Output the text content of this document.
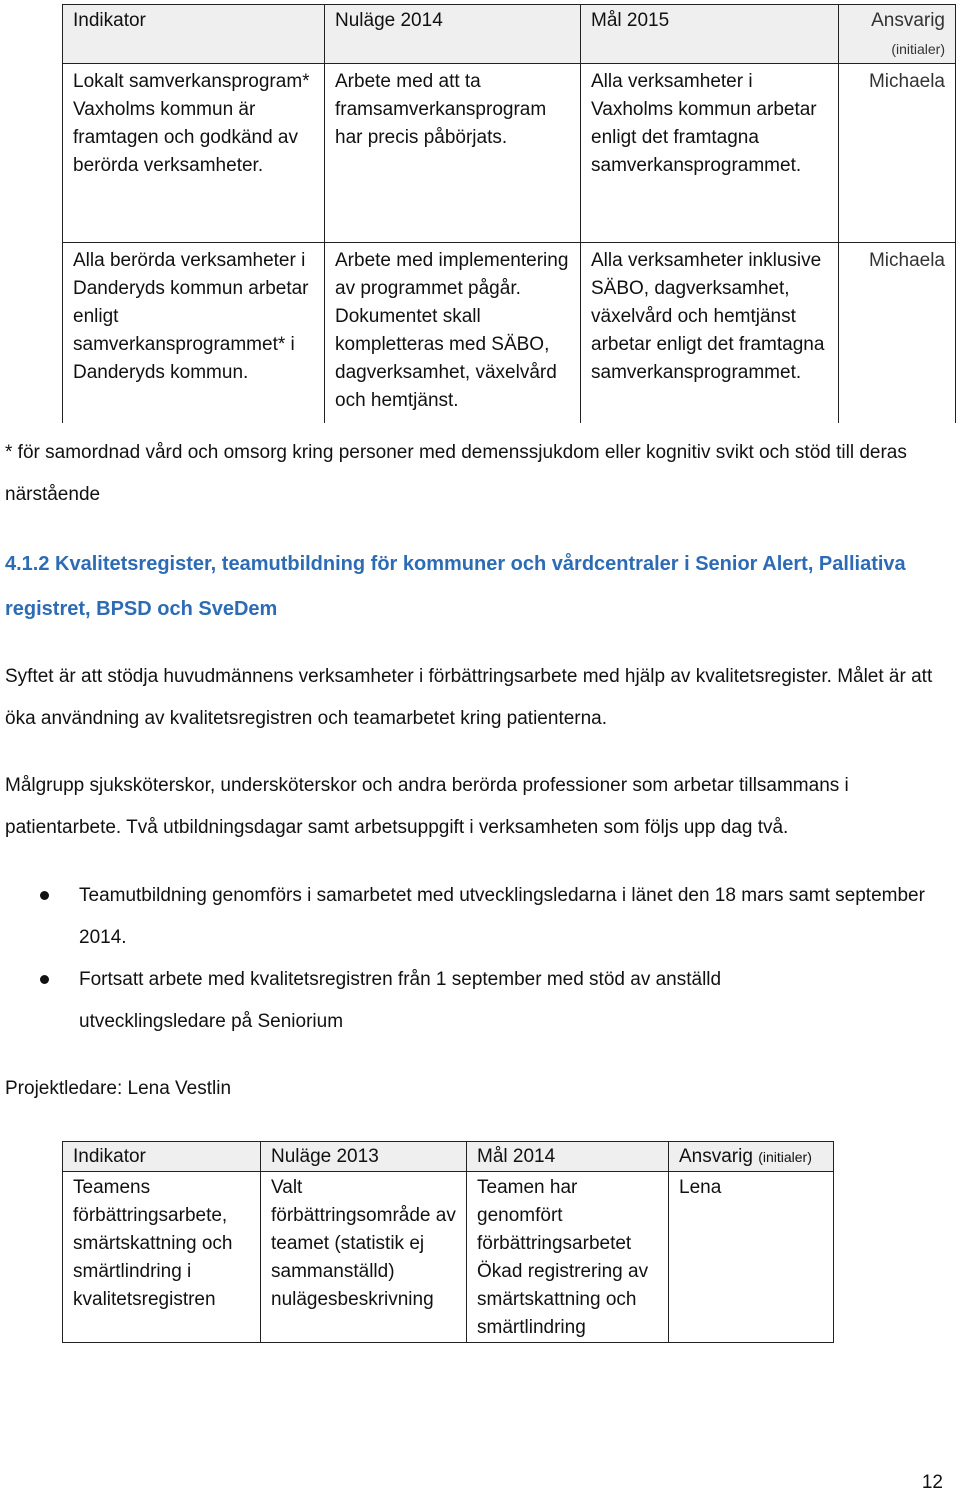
Indikator	Nuläge 2014	Mål 2015	Ansvarig
(initialer)
Lokalt samverkansprogram* Vaxholms kommun är framtagen och godkänd av berörda verksamheter.	Arbete med att ta framsamverkansprogram har precis påbörjats.	Alla verksamheter i Vaxholms kommun arbetar enligt det framtagna samverkansprogrammet.	Michaela
Alla berörda verksamheter i Danderyds kommun arbetar enligt samverkansprogrammet* i Danderyds kommun.	Arbete med implementering av programmet pågår. Dokumentet skall kompletteras med SÄBO, dagverksamhet, växelvård och hemtjänst.	Alla verksamheter inklusive SÄBO, dagverksamhet, växelvård och hemtjänst arbetar enligt det framtagna samverkansprogrammet.	Michaela

* för samordnad vård och omsorg kring personer med demenssjukdom eller kognitiv svikt och stöd till deras närstående

4.1.2 Kvalitetsregister, teamutbildning för kommuner och vårdcentraler i Senior Alert, Palliativa registret, BPSD och SveDem

Syftet är att stödja huvudmännens verksamheter i förbättringsarbete med hjälp av kvalitetsregister. Målet är att öka användning av kvalitetsregistren och teamarbetet kring patienterna.

Målgrupp sjuksköterskor, undersköterskor och andra berörda professioner som arbetar tillsammans i patientarbete. Två utbildningsdagar samt arbetsuppgift i verksamheten som följs upp dag två.

Teamutbildning genomförs i samarbetet med utvecklingsledarna i länet den 18 mars samt september 2014.

Fortsatt arbete med kvalitetsregistren från 1 september med stöd av anställd utvecklingsledare på Seniorium

Projektledare: Lena Vestlin

Indikator	Nuläge 2013	Mål 2014	Ansvarig (initialer)
Teamens förbättringsarbete, smärtskattning och smärtlindring i kvalitetsregistren	Valt förbättringsområde av teamet (statistik ej sammanställd) nulägesbeskrivning	Teamen har genomfört förbättringsarbetet Ökad registrering av smärtskattning och smärtlindring	Lena
12
